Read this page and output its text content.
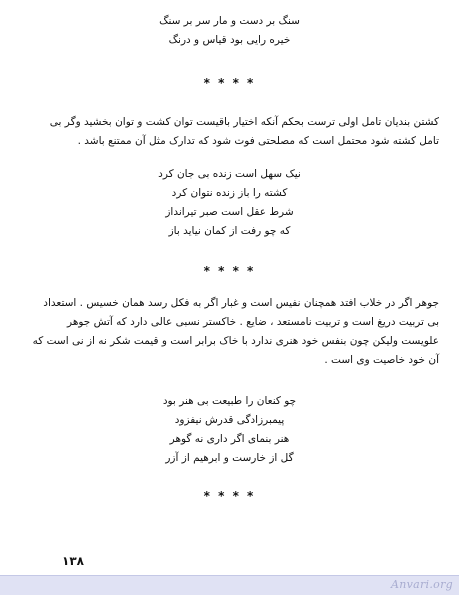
سنگ بر دست و مار سر بر سنگ
خیره رایی بود قیاس و درنگ
* * * *
کشتن بندیان تامل اولی ترست بحکم آنکه اختیار باقیست توان کشت و توان بخشید وگر بی
تامل کشته شود محتمل است که مصلحتی فوت شود که تدارک مثل آن ممتنع باشد .
نیک سهل است زنده بی جان کرد
کشته را باز زنده نتوان کرد
شرط عقل است صبر تیرانداز
که چو رفت از کمان نیاید باز
* * * *
جوهر اگر در خلاب افتد همچنان نفیس است و غبار اگر به فکل رسد همان خسیس . استعداد
بی تربیت دریغ است و تربیت نامستعد ، ضایع . خاکستر نسبی عالی دارد که آتش جوهر
علویست ولیکن چون بنفس خود هنری ندارد با خاک برابر است و قیمت شکر نه از نی است که
آن خود خاصیت وی است .
چو کنعان را طبیعت بی هنر بود
پیمبرزادگی قدرش نیفزود
هنر بنمای اگر داری نه گوهر
گل از خارست و ابرهیم از آزر
* * * *
۱۳۸
Anvari.org
